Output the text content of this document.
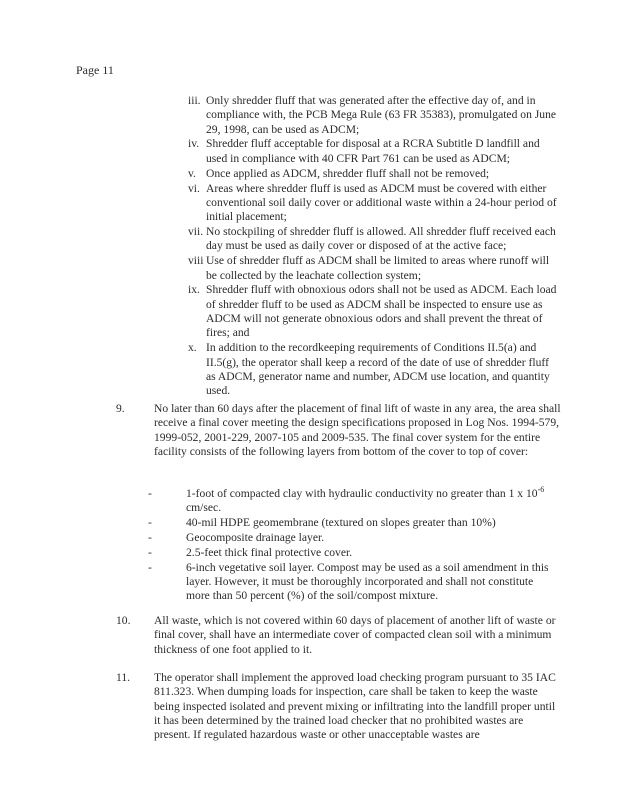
Page 11
iii. Only shredder fluff that was generated after the effective day of, and in compliance with, the PCB Mega Rule (63 FR 35383), promulgated on June 29, 1998, can be used as ADCM;
iv. Shredder fluff acceptable for disposal at a RCRA Subtitle D landfill and used in compliance with 40 CFR Part 761 can be used as ADCM;
v. Once applied as ADCM, shredder fluff shall not be removed;
vi. Areas where shredder fluff is used as ADCM must be covered with either conventional soil daily cover or additional waste within a 24-hour period of initial placement;
vii. No stockpiling of shredder fluff is allowed. All shredder fluff received each day must be used as daily cover or disposed of at the active face;
viii Use of shredder fluff as ADCM shall be limited to areas where runoff will be collected by the leachate collection system;
ix. Shredder fluff with obnoxious odors shall not be used as ADCM. Each load of shredder fluff to be used as ADCM shall be inspected to ensure use as ADCM will not generate obnoxious odors and shall prevent the threat of fires; and
x. In addition to the recordkeeping requirements of Conditions II.5(a) and II.5(g), the operator shall keep a record of the date of use of shredder fluff as ADCM, generator name and number, ADCM use location, and quantity used.
9.	No later than 60 days after the placement of final lift of waste in any area, the area shall receive a final cover meeting the design specifications proposed in Log Nos. 1994-579, 1999-052, 2001-229, 2007-105 and 2009-535. The final cover system for the entire facility consists of the following layers from bottom of the cover to top of cover:
-	1-foot of compacted clay with hydraulic conductivity no greater than 1 x $10^{-6}$ cm/sec.
-	40-mil HDPE geomembrane (textured on slopes greater than 10%)
-	Geocomposite drainage layer.
-	2.5-feet thick final protective cover.
-	6-inch vegetative soil layer. Compost may be used as a soil amendment in this layer. However, it must be thoroughly incorporated and shall not constitute more than 50 percent (%) of the soil/compost mixture.
10. All waste, which is not covered within 60 days of placement of another lift of waste or final cover, shall have an intermediate cover of compacted clean soil with a minimum thickness of one foot applied to it.
11. The operator shall implement the approved load checking program pursuant to 35 IAC 811.323. When dumping loads for inspection, care shall be taken to keep the waste being inspected isolated and prevent mixing or infiltrating into the landfill proper until it has been determined by the trained load checker that no prohibited wastes are present. If regulated hazardous waste or other unacceptable wastes are
